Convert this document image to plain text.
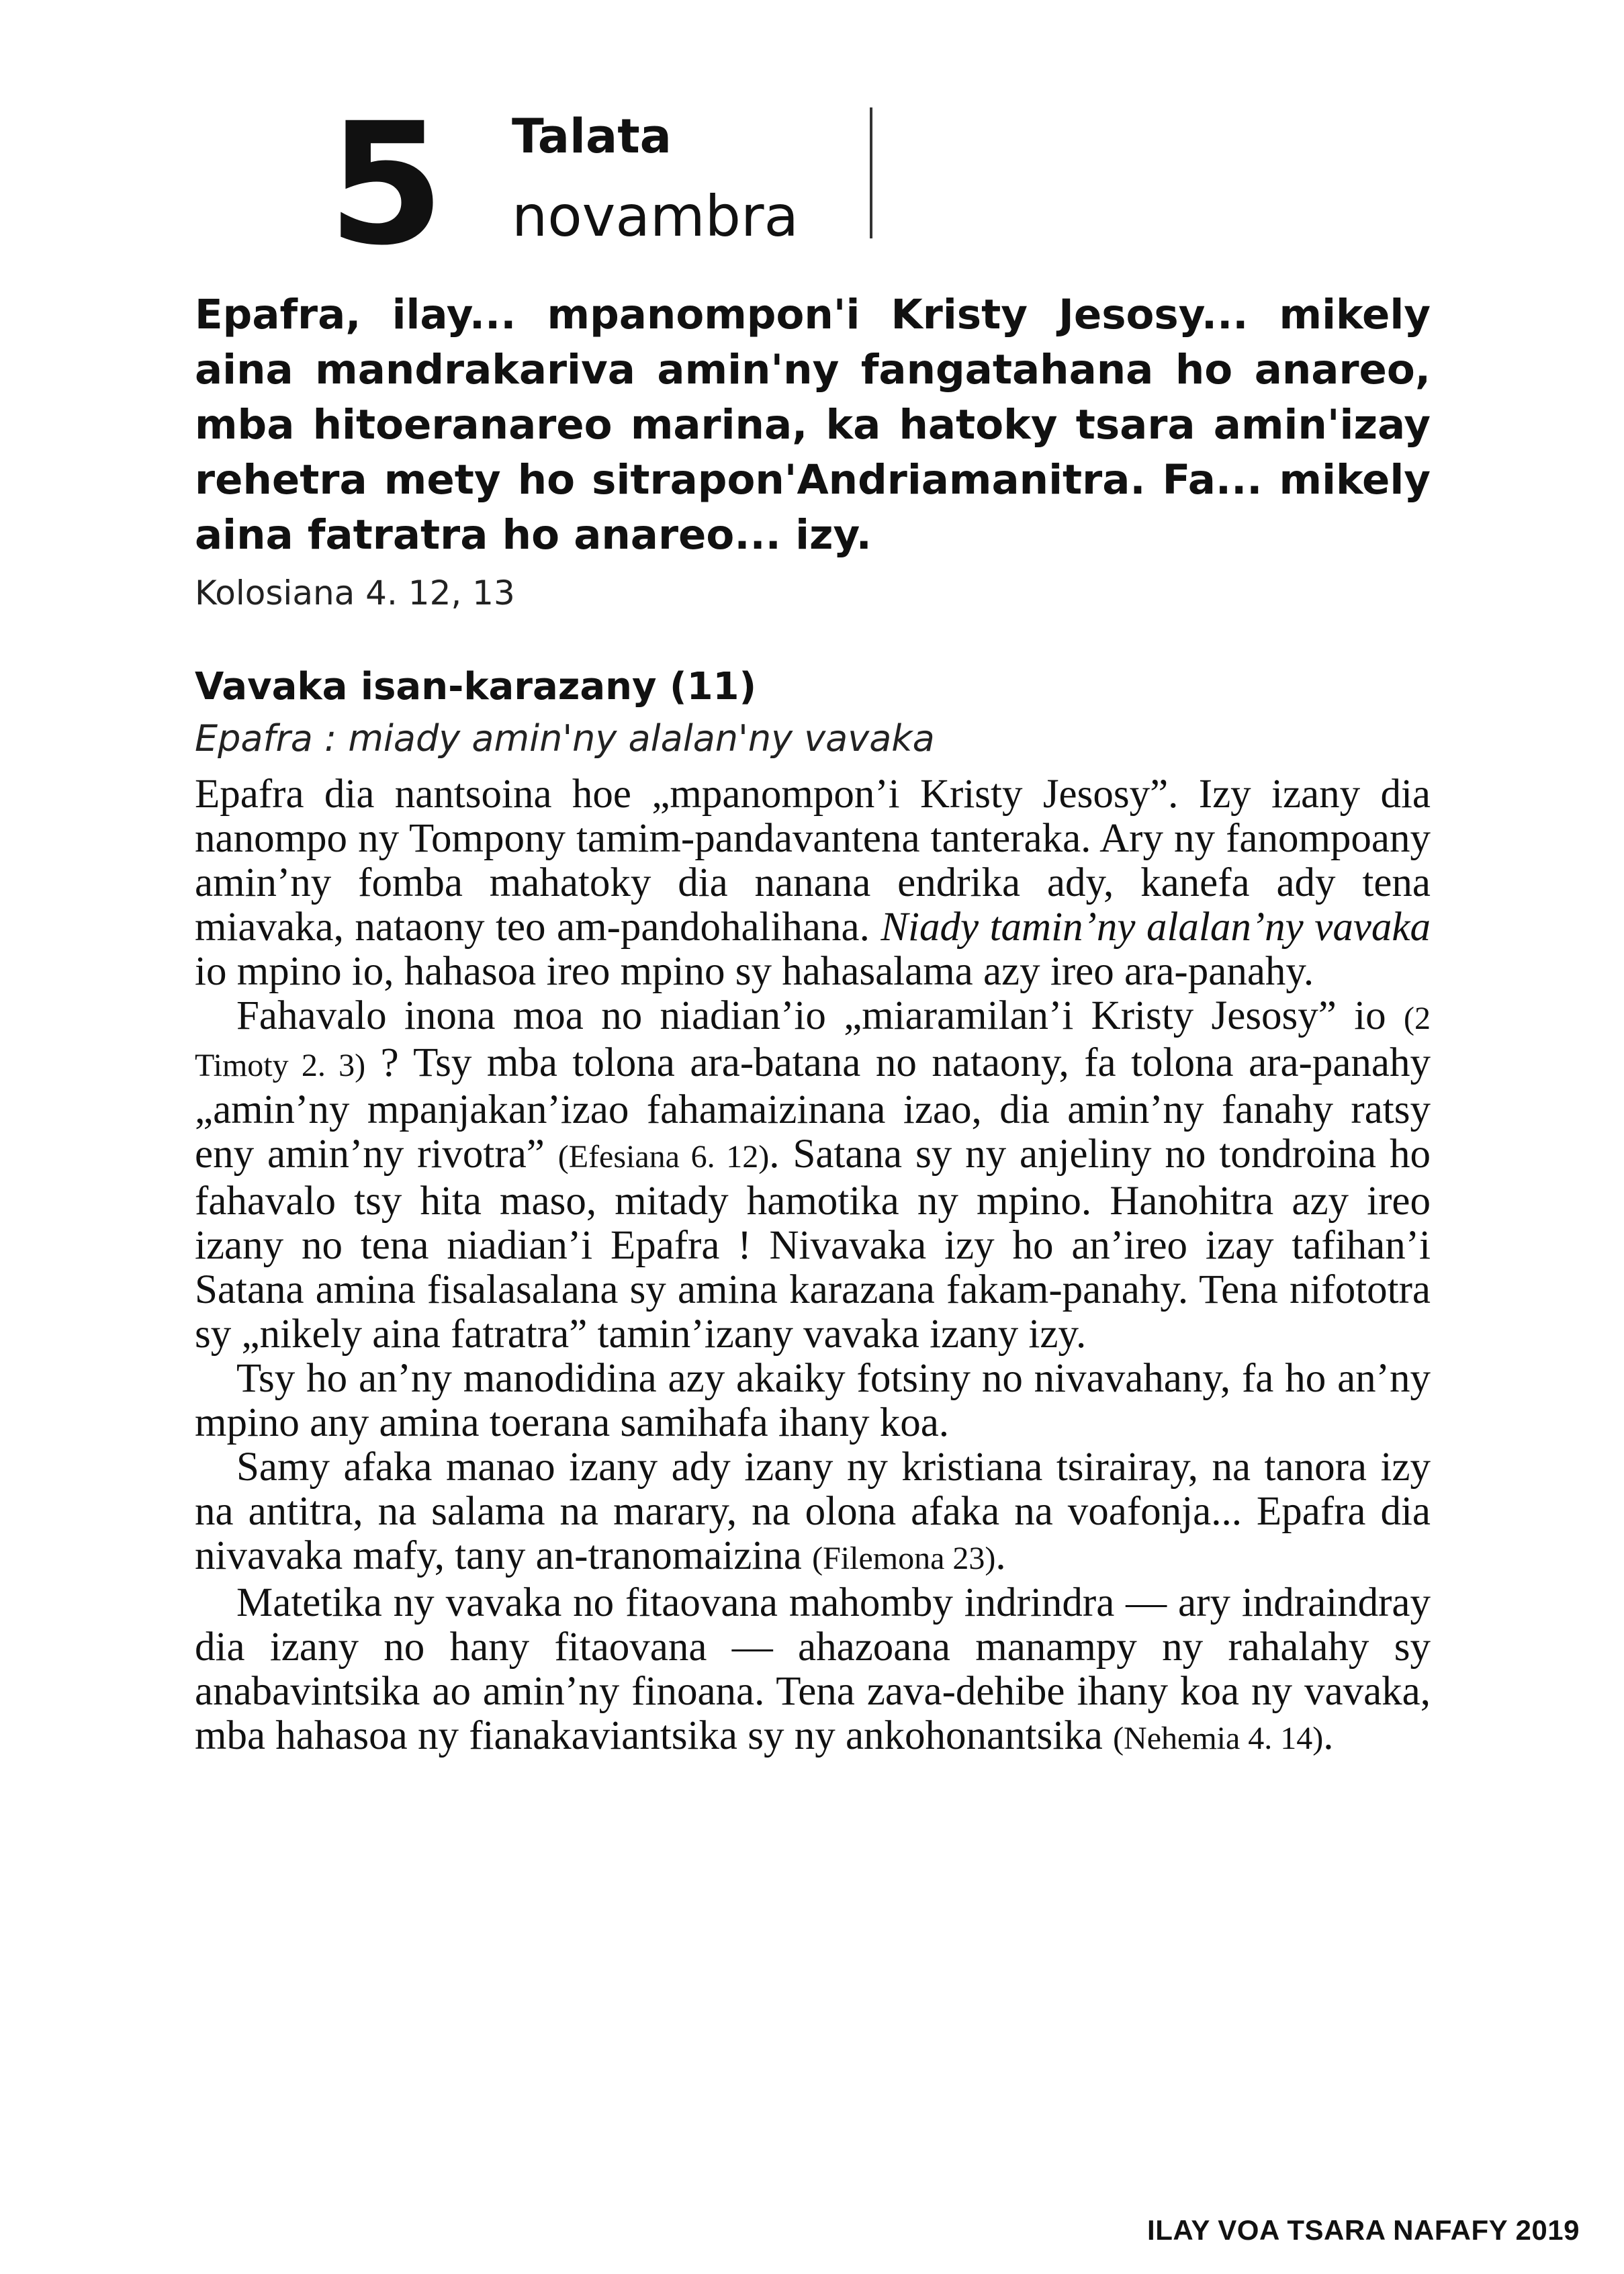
5 Talata
novambra
Epafra, ilay... mpanompon'i Kristy Jesosy... mikely aina mandrakariva amin'ny fangatahana ho anareo, mba hitoeranareo marina, ka hatoky tsara amin'izay rehetra mety ho sitrapon'Andriamanitra. Fa... mikely aina fatratra ho anareo... izy.
Kolosiana 4. 12, 13
Vavaka isan-karazany (11)
Epafra : miady amin'ny alalan'ny vavaka

Epafra dia nantsoina hoe „mpanompon’i Kristy Jesosy”. Izy izany dia nanompo ny Tompony tamim-pandavantena tanteraka. Ary ny fanompoany amin’ny fomba mahatoky dia nanana endrika ady, kanefa ady tena miavaka, nataony teo am-pandohalihana. Niady tamin’ny alalan’ny vavaka io mpino io, hahasoa ireo mpino sy hahasalama azy ireo ara-panahy.

Fahavalo inona moa no niadian’io „miaramilan’i Kristy Jesosy” io (2 Timoty 2. 3) ? Tsy mba tolona ara-batana no nataony, fa tolona ara-panahy „amin’ny mpanjakan’izao fahamaizinana izao, dia amin’ny fanahy ratsy eny amin’ny rivotra” (Efesiana 6. 12). Satana sy ny anjeliny no tondroina ho fahavalo tsy hita maso, mitady hamotika ny mpino. Hanohitra azy ireo izany no tena niadian’i Epafra ! Nivavaka izy ho an’ireo izay tafihan’i Satana amina fisalasalana sy amina karazana fakam-panahy. Tena nifototra sy „nikely aina fatratra” tamin’izany vavaka izany izy.

Tsy ho an’ny manodidina azy akaiky fotsiny no nivavahany, fa ho an’ny mpino any amina toerana samihafa ihany koa.

Samy afaka manao izany ady izany ny kristiana tsirairay, na tanora izy na antitra, na salama na marary, na olona afaka na voafonja... Epafra dia nivavaka mafy, tany an-tranomaizina (Filemona 23).

Matetika ny vavaka no fitaovana mahomby indrindra — ary indraindray dia izany no hany fitaovana — ahazoana manampy ny rahalahy sy anabavintsika ao amin’ny finoana. Tena zava-dehibe ihany koa ny vavaka, mba hahasoa ny fianakaviantsika sy ny ankohonantsika (Nehemia 4. 14).

ILAY VOA TSARA NAFAFY 2019
